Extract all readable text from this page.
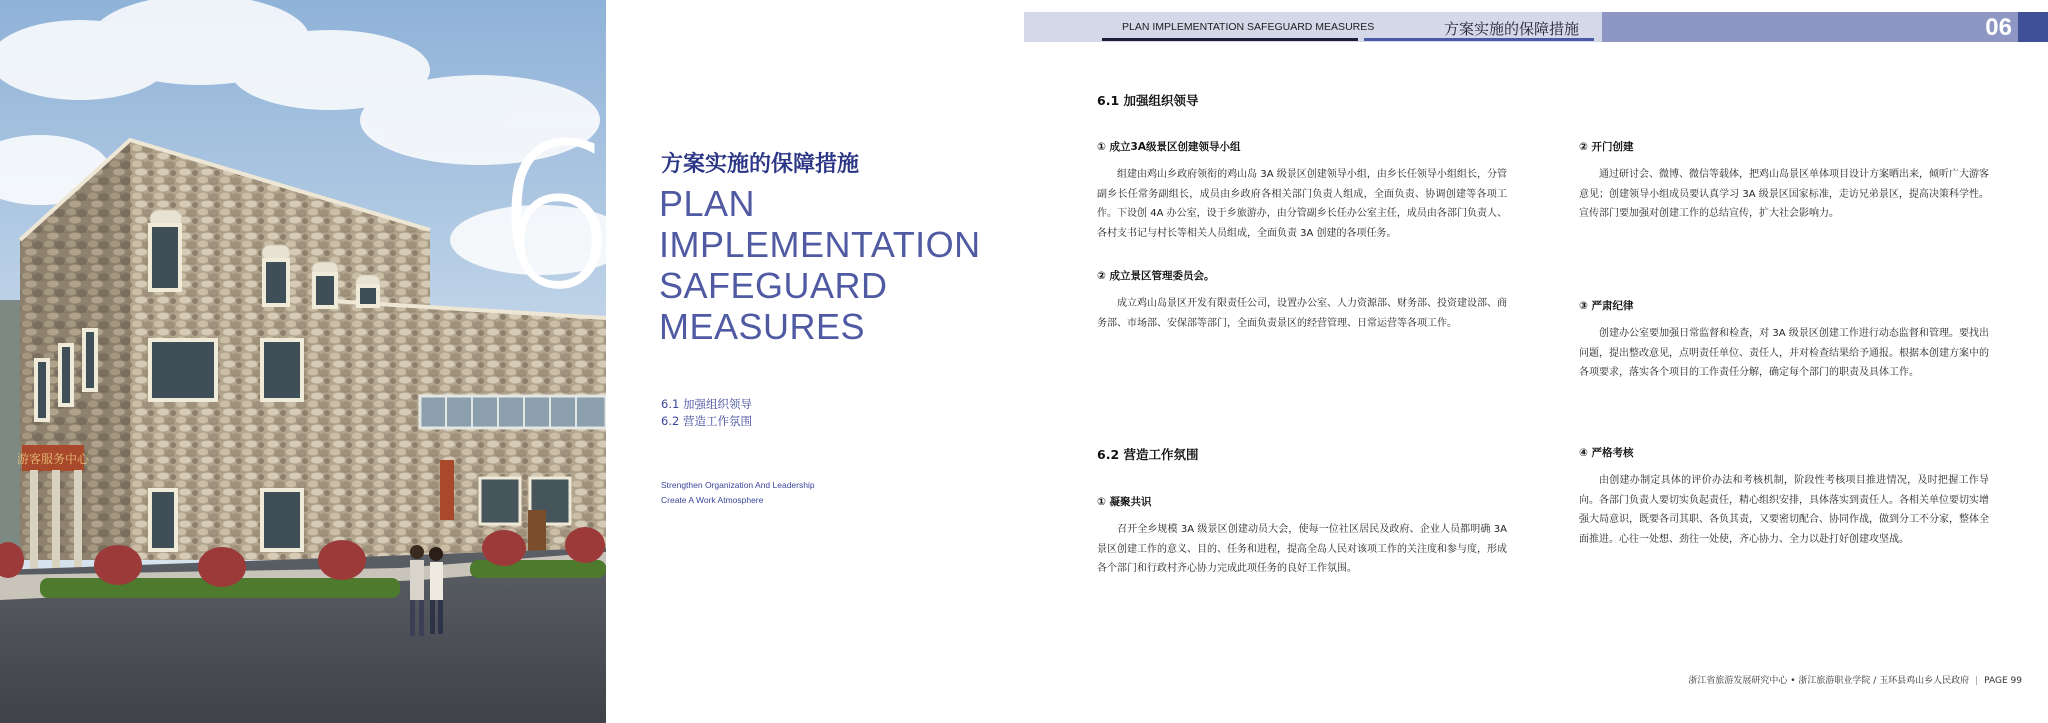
游客服务中心
6 方案实施的保障措施
PLAN
IMPLEMENTATION
SAFEGUARD
MEASURES
6.1 加强组织领导
6.2 营造工作氛围
Strengthen Organization And Leadership
Create A Work Atmosphere
PLAN IMPLEMENTATION SAFEGUARD MEASURES	方案实施的保障措施	06
6.1 加强组织领导
① 成立3A级景区创建领导小组
组建由鸡山乡政府领衔的鸡山岛 3A 级景区创建领导小组，由乡长任领导小组组长，分管副乡长任常务副组长，成员由乡政府各相关部门负责人组成，全面负责、协调创建等各项工作。下设创 4A 办公室，设于乡旅游办，由分管副乡长任办公室主任，成员由各部门负责人、各村支书记与村长等相关人员组成，全面负责 3A 创建的各项任务。
② 成立景区管理委员会。
成立鸡山岛景区开发有限责任公司，设置办公室、人力资源部、财务部、投资建设部、商务部、市场部、安保部等部门，全面负责景区的经营管理、日常运营等各项工作。
② 开门创建
通过研讨会、微博、微信等载体，把鸡山岛景区单体项目设计方案晒出来，倾听广大游客意见；创建领导小组成员要认真学习 3A 级景区国家标准，走访兄弟景区，提高决策科学性。宣传部门要加强对创建工作的总结宣传，扩大社会影响力。
③ 严肃纪律
创建办公室要加强日常监督和检查，对 3A 级景区创建工作进行动态监督和管理。要找出问题，提出整改意见，点明责任单位、责任人，并对检查结果给予通报。根据本创建方案中的各项要求，落实各个项目的工作责任分解，确定每个部门的职责及具体工作。
④ 严格考核
由创建办制定具体的评价办法和考核机制，阶段性考核项目推进情况，及时把握工作导向。各部门负责人要切实负起责任，精心组织安排，具体落实到责任人。各相关单位要切实增强大局意识，既要各司其职、各负其责，又要密切配合、协同作战，做到分工不分家，整体全面推进。心往一处想、劲往一处使，齐心协力、全力以赴打好创建攻坚战。
6.2 营造工作氛围
① 凝聚共识
召开全乡规模 3A 级景区创建动员大会，使每一位社区居民及政府、企业人员都明确 3A 景区创建工作的意义、目的、任务和进程，提高全岛人民对该项工作的关注度和参与度，形成各个部门和行政村齐心协力完成此项任务的良好工作氛围。
浙江省旅游发展研究中心 • 浙江旅游职业学院 / 玉环县鸡山乡人民政府 | PAGE 99
